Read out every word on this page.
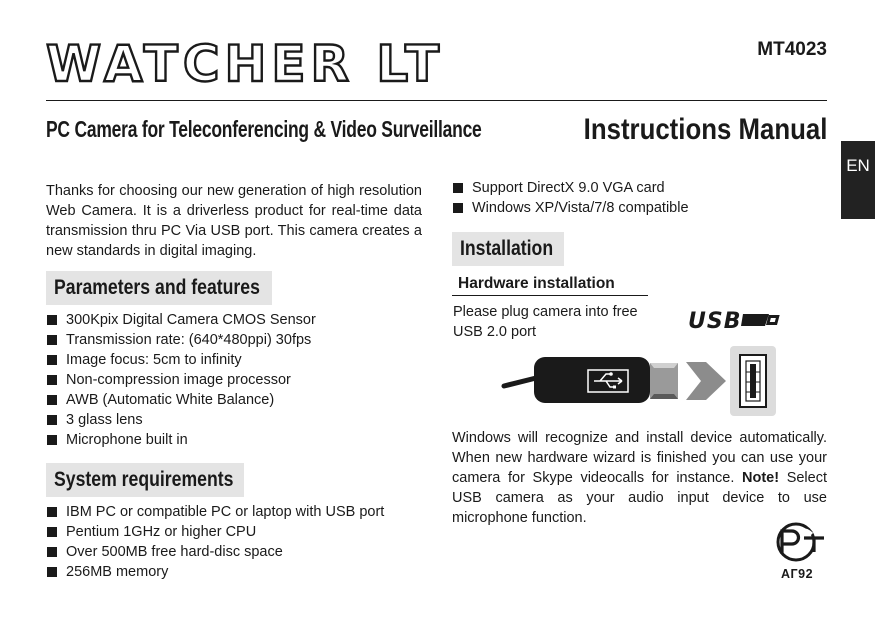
WATCHER LT	MT4023
PC Camera for Teleconferencing & Video Surveillance	Instructions Manual
EN
Thanks for choosing our new generation of high resolution Web Camera. It is a driverless product for real-time data transmission thru PC Via USB port. This camera creates a new standards in digital imaging.
Parameters and features
300Kpix Digital Camera CMOS Sensor
Transmission rate: (640*480ppi) 30fps
Image focus: 5cm to infinity
Non-compression image processor
AWB (Automatic White Balance)
3 glass lens
Microphone built in
System requirements
IBM PC or compatible PC or laptop with USB port
Pentium 1GHz or higher CPU
Over 500MB free hard-disc space
256MB memory
Support DirectX 9.0 VGA card
Windows XP/Vista/7/8 compatible
Installation
Hardware installation
Please plug camera into free USB 2.0 port	USB
Windows will recognize and install device automatically. When new hardware wizard is finished you can use your camera for Skype videocalls for instance. Note! Select USB camera as your audio input device to use microphone function.
АГ92
